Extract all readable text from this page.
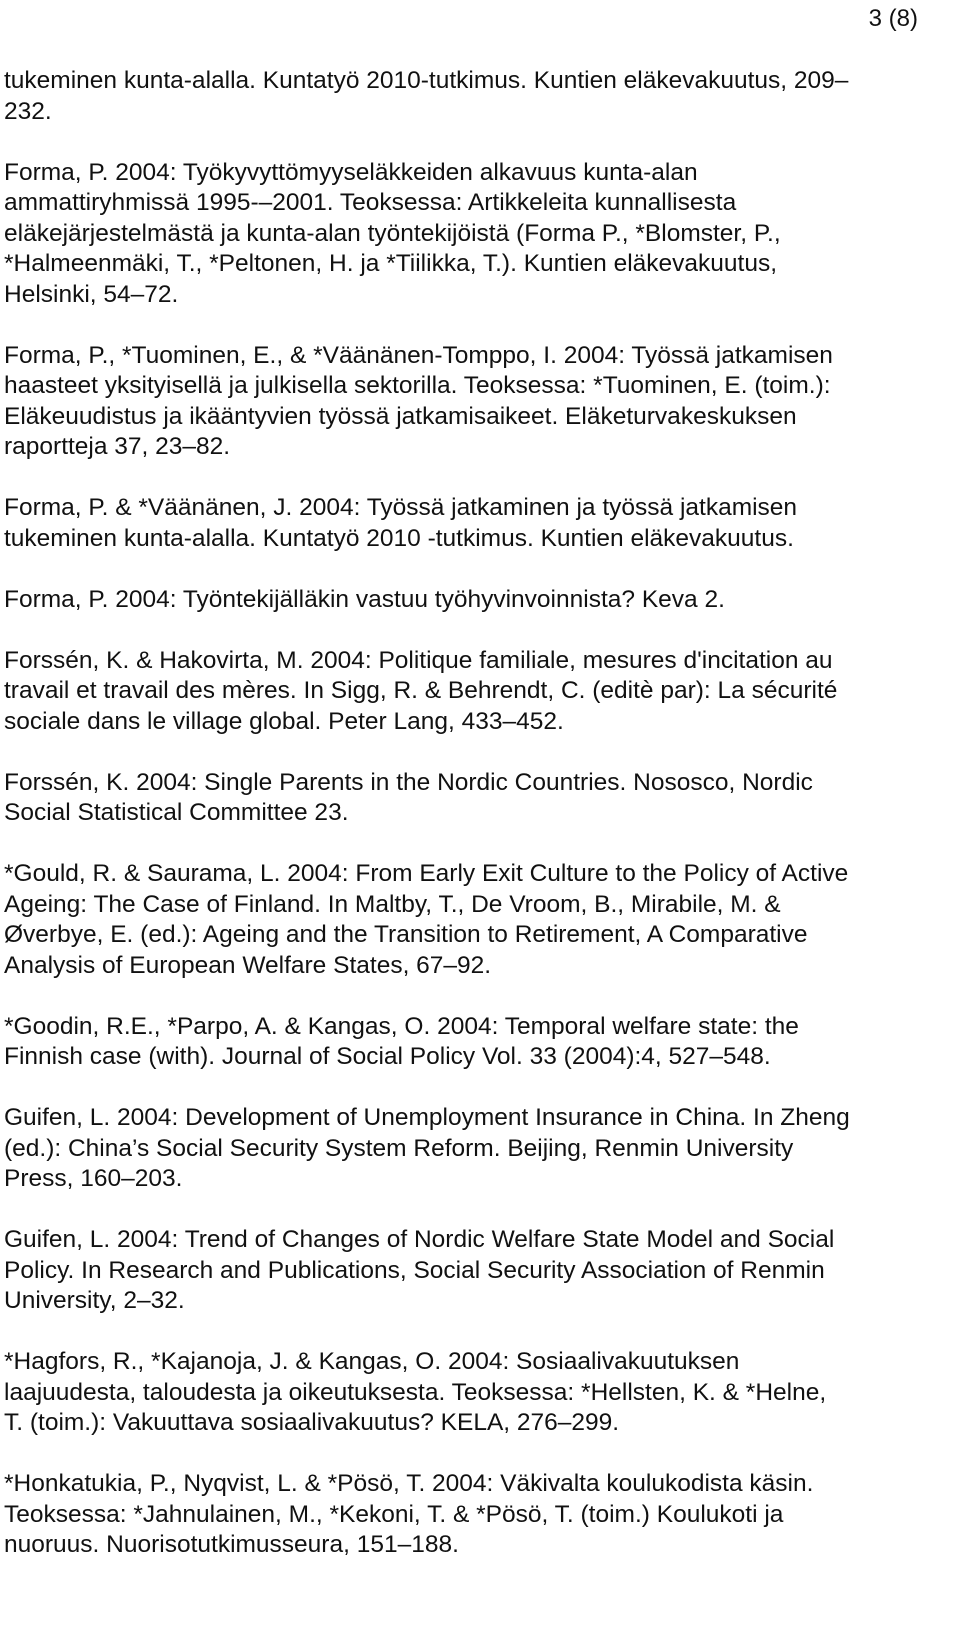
3 (8)
tukeminen kunta-alalla. Kuntatyö 2010-tutkimus. Kuntien eläkevakuutus, 209–
232.
Forma, P. 2004: Työkyvyttömyyseläkkeiden alkavuus kunta-alan
ammattiryhmissä 1995-–2001. Teoksessa: Artikkeleita kunnallisesta
eläkejärjestelmästä ja kunta-alan työntekijöistä (Forma P., *Blomster, P.,
*Halmeenmäki, T., *Peltonen, H. ja *Tiilikka, T.). Kuntien eläkevakuutus,
Helsinki, 54–72.
Forma, P., *Tuominen, E., & *Väänänen-Tomppo, I. 2004: Työssä jatkamisen
haasteet yksityisellä ja julkisella sektorilla. Teoksessa: *Tuominen, E. (toim.):
Eläkeuudistus ja ikääntyvien työssä jatkamisaikeet. Eläketurvakeskuksen
raportteja 37, 23–82.
Forma, P. & *Väänänen, J. 2004: Työssä jatkaminen ja työssä jatkamisen
tukeminen kunta-alalla. Kuntatyö 2010 -tutkimus. Kuntien eläkevakuutus.
Forma, P. 2004: Työntekijälläkin vastuu työhyvinvoinnista? Keva 2.
Forssén, K. & Hakovirta, M. 2004: Politique familiale, mesures d'incitation au
travail et travail des mères. In Sigg, R. & Behrendt, C. (editè par): La sécurité
sociale dans le village global. Peter Lang, 433–452.
Forssén, K. 2004: Single Parents in the Nordic Countries. Nososco, Nordic
Social Statistical Committee 23.
*Gould, R. & Saurama, L. 2004: From Early Exit Culture to the Policy of Active
Ageing: The Case of Finland. In Maltby, T., De Vroom, B., Mirabile, M. &
Øverbye, E. (ed.): Ageing and the Transition to Retirement, A Comparative
Analysis of European Welfare States, 67–92.
*Goodin, R.E., *Parpo, A. & Kangas, O. 2004: Temporal welfare state: the
Finnish case (with). Journal of Social Policy Vol. 33 (2004):4, 527–548.
Guifen, L. 2004: Development of Unemployment Insurance in China. In Zheng
(ed.): China’s Social Security System Reform. Beijing, Renmin University
Press, 160–203.
Guifen, L. 2004: Trend of Changes of Nordic Welfare State Model and Social
Policy. In Research and Publications, Social Security Association of Renmin
University, 2–32.
*Hagfors, R., *Kajanoja, J. & Kangas, O. 2004: Sosiaalivakuutuksen
laajuudesta, taloudesta ja oikeutuksesta. Teoksessa: *Hellsten, K. & *Helne,
T. (toim.): Vakuuttava sosiaalivakuutus? KELA, 276–299.
*Honkatukia, P., Nyqvist, L. & *Pösö, T. 2004: Väkivalta koulukodista käsin.
Teoksessa: *Jahnulainen, M., *Kekoni, T. & *Pösö, T. (toim.) Koulukoti ja
nuoruus. Nuorisotutkimusseura, 151–188.
